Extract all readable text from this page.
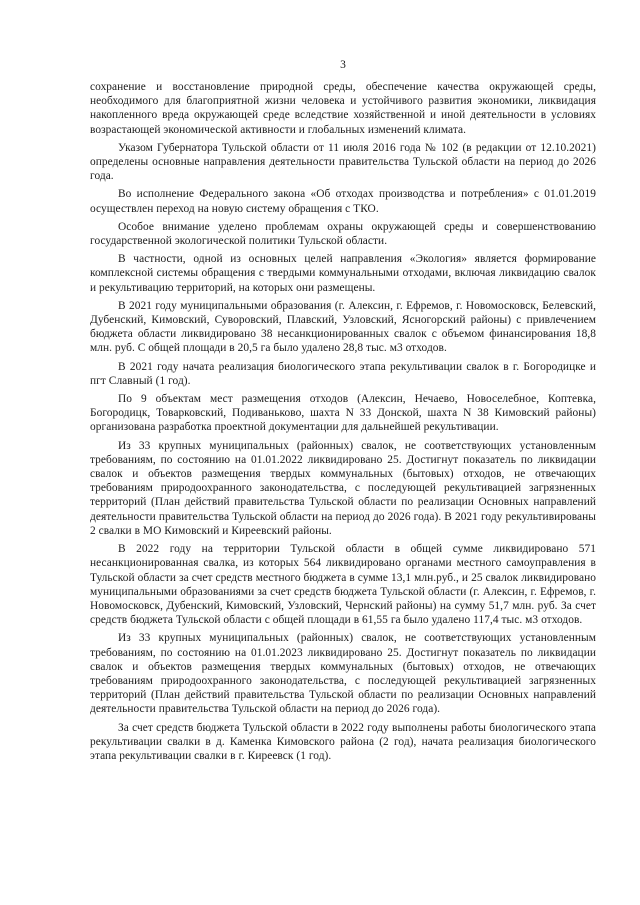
3

сохранение и восстановление природной среды, обеспечение качества окружающей среды, необходимого для благоприятной жизни человека и устойчивого развития экономики, ликвидация накопленного вреда окружающей среде вследствие хозяйственной и иной деятельности в условиях возрастающей экономической активности и глобальных изменений климата.

Указом Губернатора Тульской области от 11 июля 2016 года № 102 (в редакции от 12.10.2021) определены основные направления деятельности правительства Тульской области на период до 2026 года.

Во исполнение Федерального закона «Об отходах производства и потребления» с 01.01.2019 осуществлен переход на новую систему обращения с ТКО.

Особое внимание уделено проблемам охраны окружающей среды и совершенствованию государственной экологической политики Тульской области.

В частности, одной из основных целей направления «Экология» является формирование комплексной системы обращения с твердыми коммунальными отходами, включая ликвидацию свалок и рекультивацию территорий, на которых они размещены.

В 2021 году муниципальными образования (г. Алексин, г. Ефремов, г. Новомосковск, Белевский, Дубенский, Кимовский, Суворовский, Плавский, Узловский, Ясногорский районы) с привлечением бюджета области ликвидировано 38 несанкционированных свалок с объемом финансирования 18,8 млн. руб. С общей площади в 20,5 га было удалено 28,8 тыс. м3 отходов.

В 2021 году начата реализация биологического этапа рекультивации свалок в г. Богородицке и пгт Славный (1 год).

По 9 объектам мест размещения отходов (Алексин, Нечаево, Новоселебное, Коптевка, Богородицк, Товарковский, Подиваньково, шахта N 33 Донской, шахта N 38 Кимовский районы) организована разработка проектной документации для дальнейшей рекультивации.

Из 33 крупных муниципальных (районных) свалок, не соответствующих установленным требованиям, по состоянию на 01.01.2022 ликвидировано 25. Достигнут показатель по ликвидации свалок и объектов размещения твердых коммунальных (бытовых) отходов, не отвечающих требованиям природоохранного законодательства, с последующей рекультивацией загрязненных территорий (План действий правительства Тульской области по реализации Основных направлений деятельности правительства Тульской области на период до 2026 года). В 2021 году рекультивированы 2 свалки в МО Кимовский и Киреевский районы.

В 2022 году на территории Тульской области в общей сумме ликвидировано 571 несанкционированная свалка, из которых 564 ликвидировано органами местного самоуправления в Тульской области за счет средств местного бюджета в сумме 13,1 млн.руб., и 25 свалок ликвидировано муниципальными образованиями за счет средств бюджета Тульской области (г. Алексин, г. Ефремов, г. Новомосковск, Дубенский, Кимовский, Узловский, Чернский районы) на сумму 51,7 млн. руб. За счет средств бюджета Тульской области с общей площади в 61,55 га было удалено 117,4 тыс. м3 отходов.

Из 33 крупных муниципальных (районных) свалок, не соответствующих установленным требованиям, по состоянию на 01.01.2023 ликвидировано 25. Достигнут показатель по ликвидации свалок и объектов размещения твердых коммунальных (бытовых) отходов, не отвечающих требованиям природоохранного законодательства, с последующей рекультивацией загрязненных территорий (План действий правительства Тульской области по реализации Основных направлений деятельности правительства Тульской области на период до 2026 года).

За счет средств бюджета Тульской области в 2022 году выполнены работы биологического этапа рекультивации свалки в д. Каменка Кимовского района (2 год), начата реализация биологического этапа рекультивации свалки в г. Киреевск (1 год).
